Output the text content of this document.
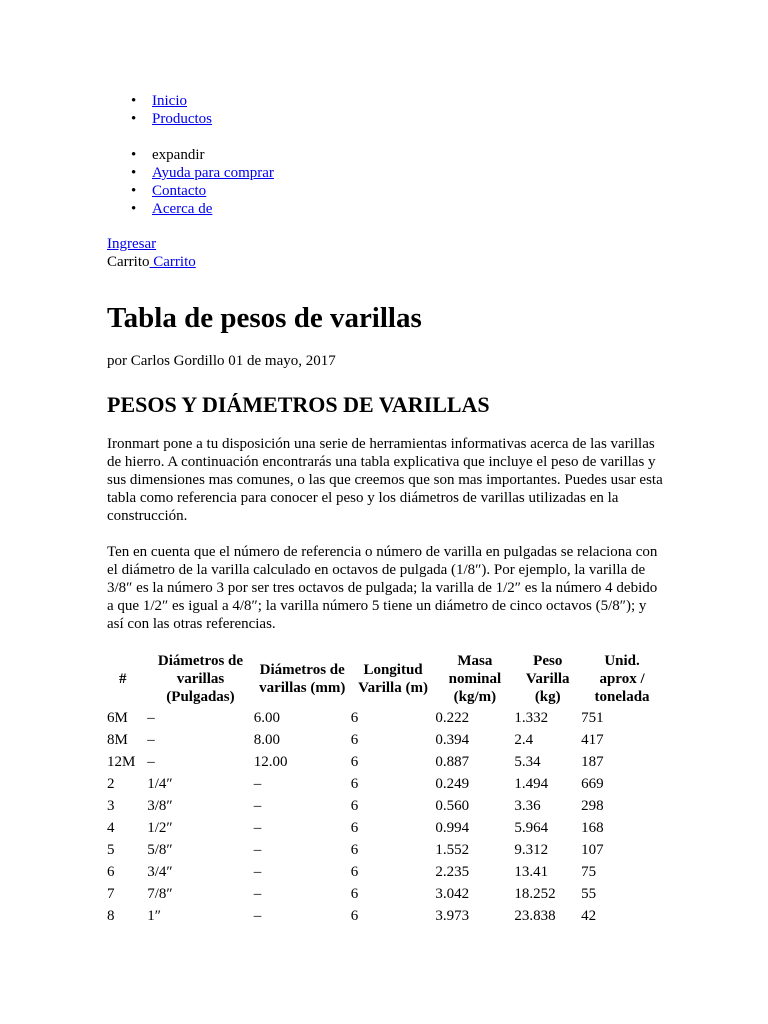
• Inicio
• Productos
• expandir
• Ayuda para comprar
• Contacto
• Acerca de
Ingresar
Carrito Carrito
Tabla de pesos de varillas
por Carlos Gordillo 01 de mayo, 2017
PESOS Y DIÁMETROS DE VARILLAS

Ironmart pone a tu disposición una serie de herramientas informativas acerca de las varillas de hierro. A continuación encontrarás una tabla explicativa que incluye el peso de varillas y sus dimensiones mas comunes, o las que creemos que son mas importantes. Puedes usar esta tabla como referencia para conocer el peso y los diámetros de varillas utilizadas en la construcción.

Ten en cuenta que el número de referencia o número de varilla en pulgadas se relaciona con el diámetro de la varilla calculado en octavos de pulgada (1/8″). Por ejemplo, la varilla de 3/8″ es la número 3 por ser tres octavos de pulgada; la varilla de 1/2″ es la número 4 debido a que 1/2″ es igual a 4/8″; la varilla número 5 tiene un diámetro de cinco octavos (5/8″); y así con las otras referencias.

#	Diámetros de varillas (Pulgadas)	Diámetros de varillas (mm)	Longitud Varilla (m)	Masa nominal (kg/m)	Peso Varilla (kg)	Unid. aprox / tonelada
6M	–	6.00	6	0.222	1.332	751
8M	–	8.00	6	0.394	2.4	417
12M	–	12.00	6	0.887	5.34	187
2	1/4″	–	6	0.249	1.494	669
3	3/8″	–	6	0.560	3.36	298
4	1/2″	–	6	0.994	5.964	168
5	5/8″	–	6	1.552	9.312	107
6	3/4″	–	6	2.235	13.41	75
7	7/8″	–	6	3.042	18.252	55
8	1″	–	6	3.973	23.838	42
